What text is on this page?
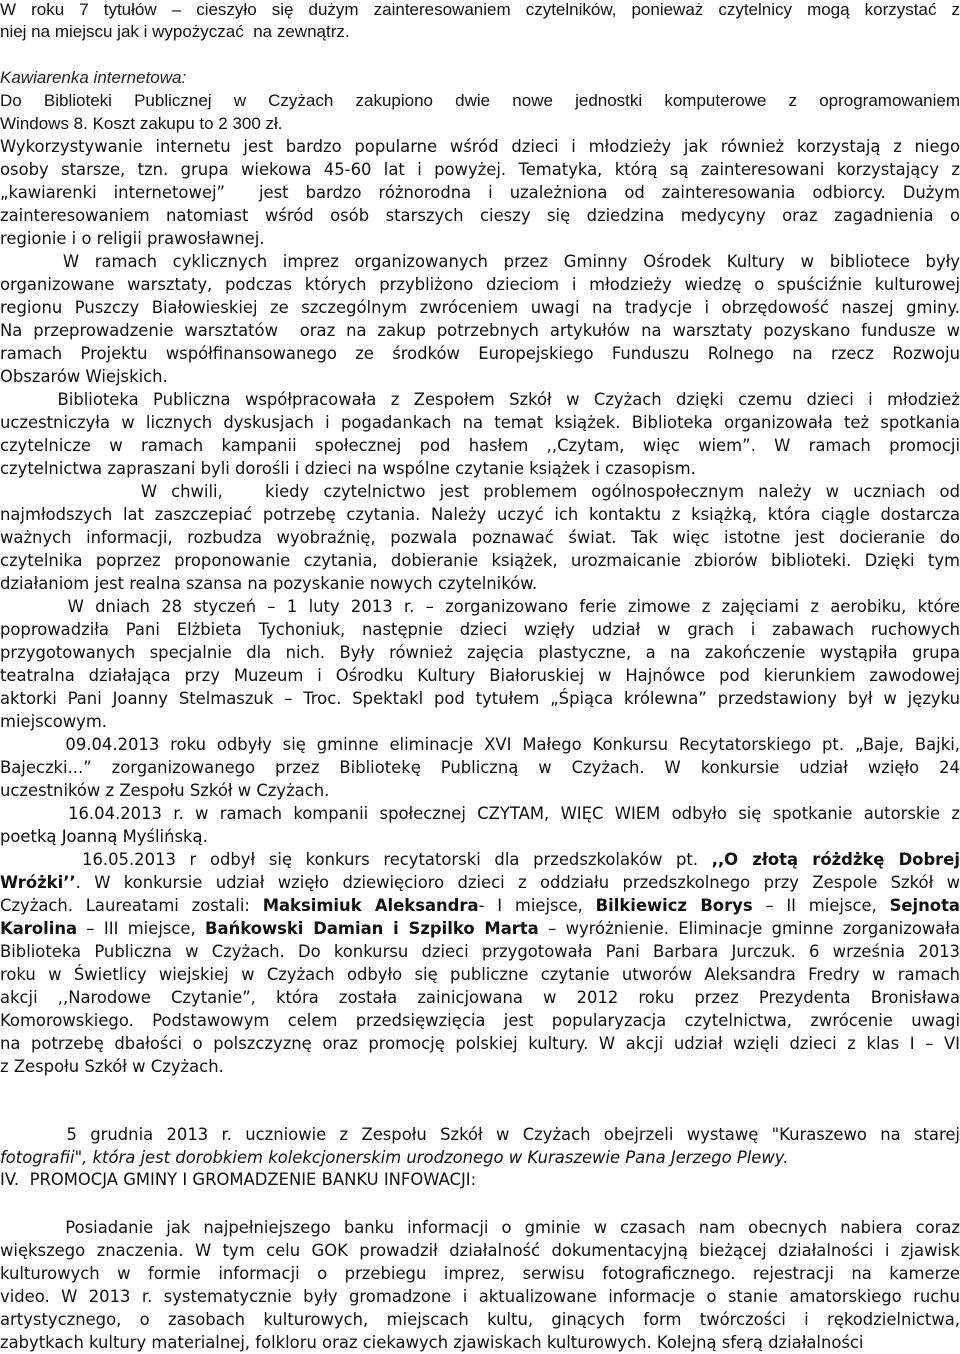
W roku 7 tytułów – cieszyło się dużym zainteresowaniem czytelników, ponieważ czytelnicy mogą korzystać z
niej na miejscu jak i wypożyczać  na zewnątrz.
Kawiarenka internetowa:
Do Biblioteki Publicznej w Czyżach zakupiono dwie nowe jednostki komputerowe z oprogramowaniem
Windows 8. Koszt zakupu to 2 300 zł.
Wykorzystywanie internetu jest bardzo popularne wśród dzieci i młodzieży jak również korzystają z niego
osoby starsze, tzn. grupa wiekowa 45-60 lat i powyżej. Tematyka, którą są zainteresowani korzystający z
„kawiarenki internetowej”  jest bardzo różnorodna i uzależniona od zainteresowania odbiorcy. Dużym
zainteresowaniem natomiast wśród osób starszych cieszy się dziedzina medycyny oraz zagadnienia o
regionie i o religii prawosławnej.
W ramach cyklicznych imprez organizowanych przez Gminny Ośrodek Kultury w bibliotece były
organizowane warsztaty, podczas których przybliżono dzieciom i młodzieży wiedzę o spuściźnie kulturowej
regionu Puszczy Białowieskiej ze szczególnym zwróceniem uwagi na tradycje i obrzędowość naszej gminy.
Na przeprowadzenie warsztatów  oraz na zakup potrzebnych artykułów na warsztaty pozyskano fundusze w
ramach Projektu współfinansowanego ze środków Europejskiego Funduszu Rolnego na rzecz Rozwoju
Obszarów Wiejskich.
Biblioteka Publiczna współpracowała z Zespołem Szkół w Czyżach dzięki czemu dzieci i młodzież
uczestniczyła w licznych dyskusjach i pogadankach na temat książek. Biblioteka organizowała też spotkania
czytelnicze w ramach kampanii społecznej pod hasłem ,,Czytam, więc wiem”. W ramach promocji
czytelnictwa zapraszani byli dorośli i dzieci na wspólne czytanie książek i czasopism.
W chwili,   kiedy czytelnictwo jest problemem ogólnospołecznym należy w uczniach od
najmłodszych lat zaszczepiać potrzebę czytania. Należy uczyć ich kontaktu z książką, która ciągle dostarcza
ważnych informacji, rozbudza wyobraźnię, pozwala poznawać świat. Tak więc istotne jest docieranie do
czytelnika poprzez proponowanie czytania, dobieranie książek, urozmaicanie zbiorów biblioteki. Dzięki tym
działaniom jest realna szansa na pozyskanie nowych czytelników.
W dniach 28 styczeń – 1 luty 2013 r. – zorganizowano ferie zimowe z zajęciami z aerobiku, które
poprowadziła Pani Elżbieta Tychoniuk, następnie dzieci wzięły udział w grach i zabawach ruchowych
przygotowanych specjalnie dla nich. Były również zajęcia plastyczne, a na zakończenie wystąpiła grupa
teatralna działająca przy Muzeum i Ośrodku Kultury Białoruskiej w Hajnówce pod kierunkiem zawodowej
aktorki Pani Joanny Stelmaszuk – Troc. Spektakl pod tytułem „Śpiąca królewna” przedstawiony był w języku
miejscowym.
09.04.2013 roku odbyły się gminne eliminacje XVI Małego Konkursu Recytatorskiego pt. „Baje, Bajki,
Bajeczki...” zorganizowanego przez Bibliotekę Publiczną w Czyżach. W konkursie udział wzięło 24
uczestników z Zespołu Szkół w Czyżach.
16.04.2013 r. w ramach kompanii społecznej CZYTAM, WIĘC WIEM odbyło się spotkanie autorskie z
poetką Joanną Myślińską.
16.05.2013 r odbył się konkurs recytatorski dla przedszkolaków pt. ,,O złotą różdżkę Dobrej
Wróżki’’. W konkursie udział wzięło dziewięcioro dzieci z oddziału przedszkolnego przy Zespole Szkół w
Czyżach. Laureatami zostali: Maksimiuk Aleksandra- I miejsce, Bilkiewicz Borys – II miejsce, Sejnota
Karolina – III miejsce, Bańkowski Damian i Szpilko Marta – wyróżnienie. Eliminacje gminne zorganizowała
Biblioteka Publiczna w Czyżach. Do konkursu dzieci przygotowała Pani Barbara Jurczuk. 6 września 2013
roku w Świetlicy wiejskiej w Czyżach odbyło się publiczne czytanie utworów Aleksandra Fredry w ramach
akcji ,,Narodowe Czytanie”, która została zainicjowana w 2012 roku przez Prezydenta Bronisława
Komorowskiego. Podstawowym celem przedsięwzięcia jest popularyzacja czytelnictwa, zwrócenie uwagi
na potrzebę dbałości o polszczyznę oraz promocję polskiej kultury. W akcji udział wzięli dzieci z klas I – VI
z Zespołu Szkół w Czyżach.
5 grudnia 2013 r. uczniowie z Zespołu Szkół w Czyżach obejrzeli wystawę "Kuraszewo na starej
fotografii", która jest dorobkiem kolekcjonerskim urodzonego w Kuraszewie Pana Jerzego Plewy.
IV.  PROMOCJA GMINY I GROMADZENIE BANKU INFOWACJI:
Posiadanie jak najpełniejszego banku informacji o gminie w czasach nam obecnych nabiera coraz
większego znaczenia. W tym celu GOK prowadził działalność dokumentacyjną bieżącej działalności i zjawisk
kulturowych w formie informacji o przebiegu imprez, serwisu fotograficznego. rejestracji na kamerze
video. W 2013 r. systematycznie były gromadzone i aktualizowane informacje o stanie amatorskiego ruchu
artystycznego, o zasobach kulturowych, miejscach kultu, ginących form twórczości i rękodzielnictwa,
zabytkach kultury materialnej, folkloru oraz ciekawych zjawiskach kulturowych. Kolejną sferą działalności
